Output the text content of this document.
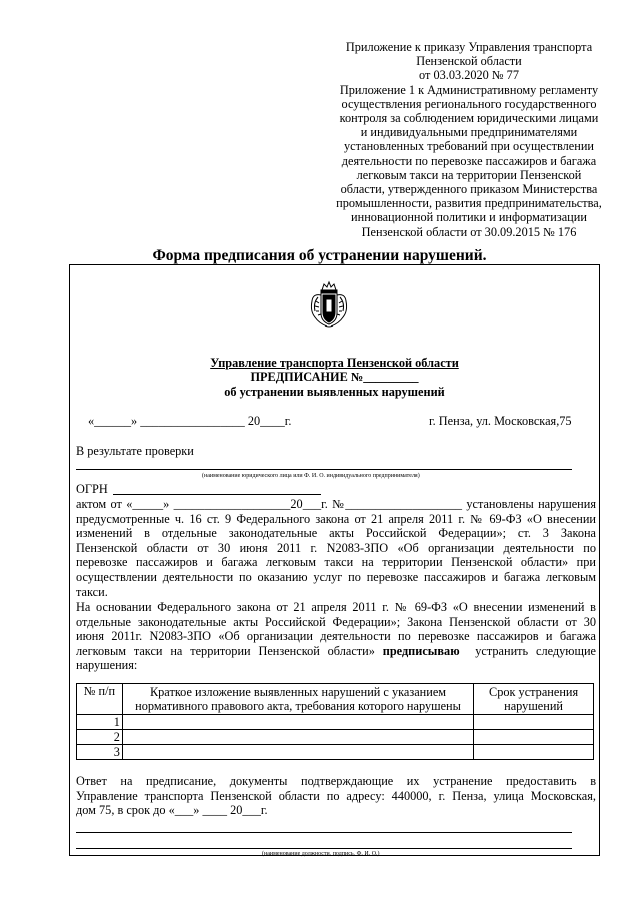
Приложение к приказу Управления транспорта
Пензенской области
от 03.03.2020 № 77
Приложение 1 к Административному регламенту
осуществления регионального государственного
контроля за соблюдением юридическими лицами
и индивидуальными предпринимателями
установленных требований при осуществлении
деятельности по перевозке пассажиров и багажа
легковым такси на территории Пензенской
области, утвержденного приказом Министерства
промышленности, развития предпринимательства,
инновационной политики и информатизации
Пензенской области от 30.09.2015 № 176
Форма предписания об устранении нарушений.
Управление транспорта Пензенской области
ПРЕДПИСАНИЕ №_________
об устранении выявленных нарушений
«______» _________________ 20____г.	г. Пенза, ул. Московская,75
В результате проверки
(наименование юридического лица или Ф. И. О. индивидуального предпринимателя)
ОГРН
актом от «_____» ___________________20___г. №___________________ установлены нарушения
предусмотренные ч. 16 ст. 9 Федерального закона от 21 апреля 2011 г. № 69-ФЗ «О внесении
изменений в отдельные законодательные акты Российской Федерации»; ст. 3 Закона
Пензенской области от 30 июня 2011 г. N2083-ЗПО «Об организации деятельности по
перевозке пассажиров и багажа легковым такси на территории Пензенской области» при
осуществлении деятельности по оказанию услуг по перевозке пассажиров и багажа легковым
такси.
На основании Федерального закона от 21 апреля 2011 г. № 69-ФЗ «О внесении изменений в
отдельные законодательные акты Российской Федерации»; Закона Пензенской области от 30
июня 2011г. N2083-ЗПО «Об организации деятельности по перевозке пассажиров и багажа
легковым такси на территории Пензенской области» предписываю устранить следующие
нарушения:
№ п/п	Краткое изложение выявленных нарушений с указанием нормативного правового акта, требования которого нарушены	Срок устранения нарушений
1		
2		
3		
Ответ на предписание, документы подтверждающие их устранение предоставить в
Управление транспорта Пензенской области по адресу: 440000, г. Пенза, улица Московская,
дом 75, в срок до «___» ____ 20___г.
(наименование должности, подпись, Ф. И. О.)
